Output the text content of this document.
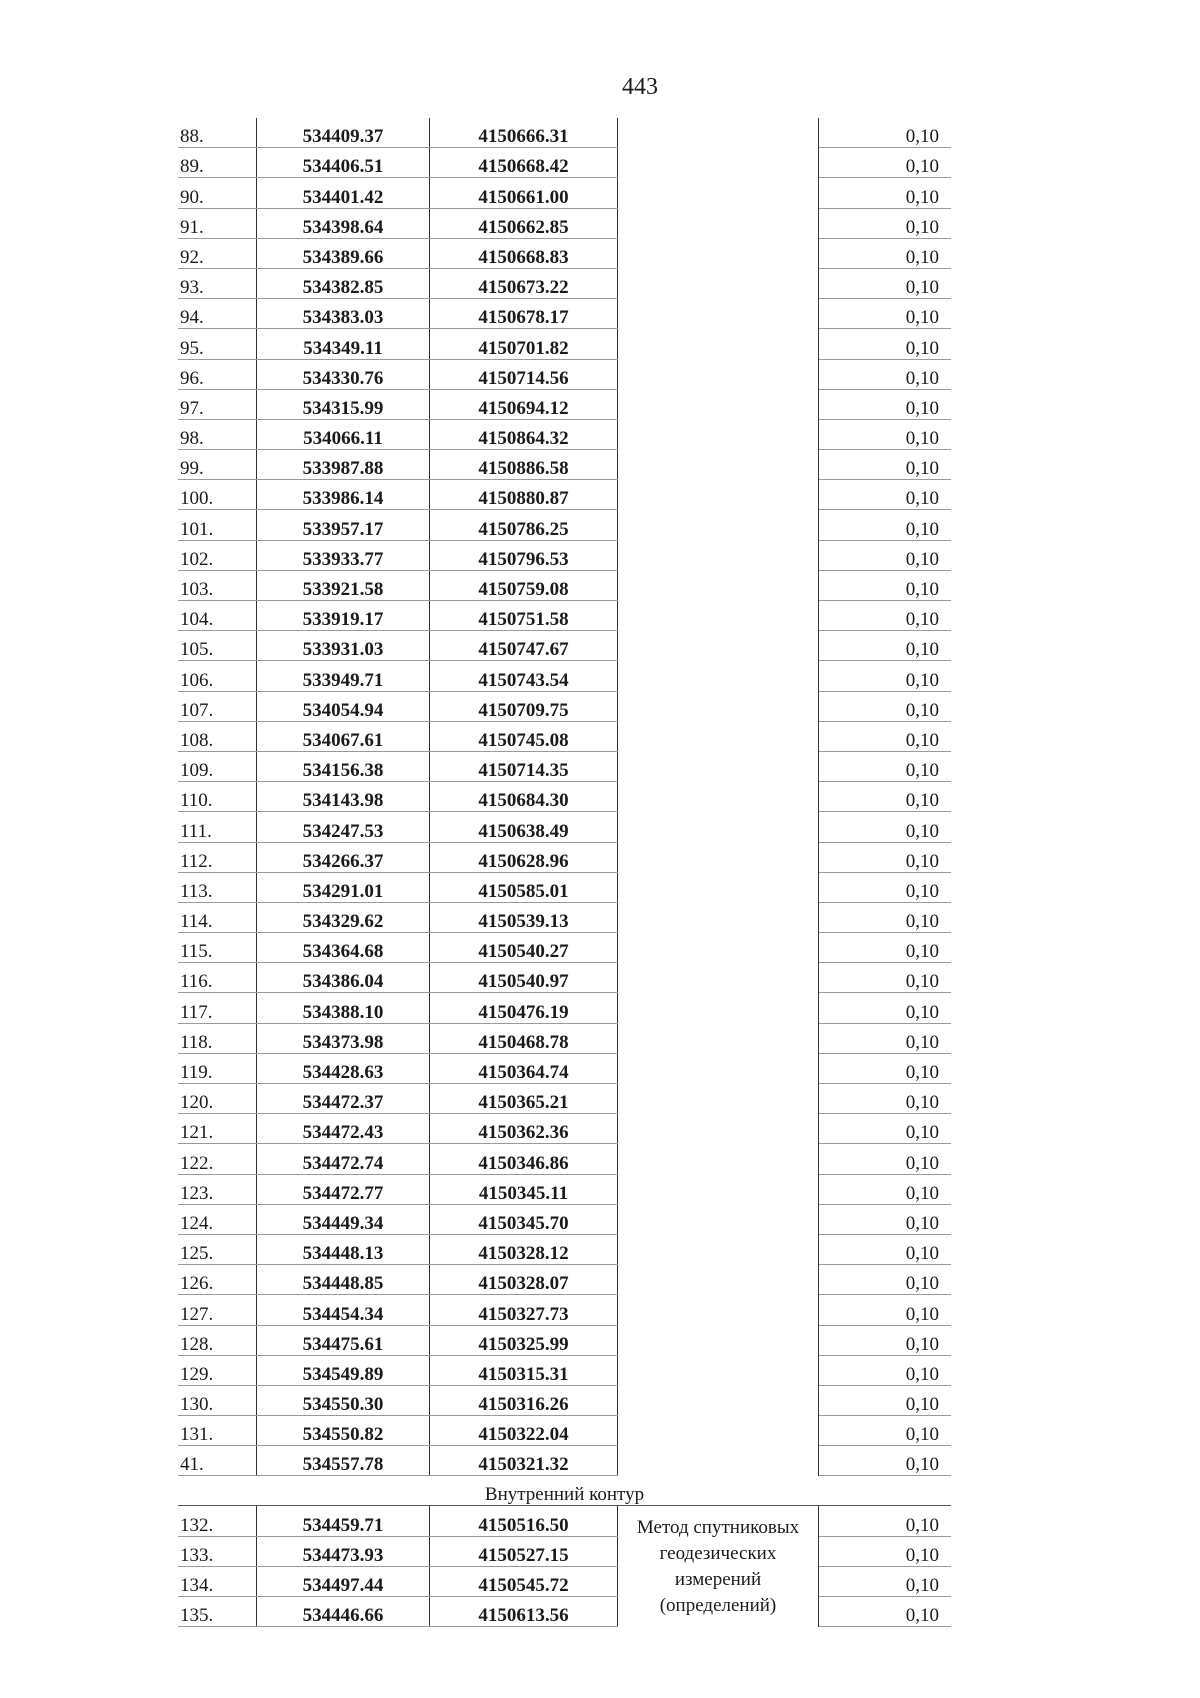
443
88.	534409.37	4150666.31		0,10
89.	534406.51	4150668.42		0,10
90.	534401.42	4150661.00		0,10
91.	534398.64	4150662.85		0,10
92.	534389.66	4150668.83		0,10
93.	534382.85	4150673.22		0,10
94.	534383.03	4150678.17		0,10
95.	534349.11	4150701.82		0,10
96.	534330.76	4150714.56		0,10
97.	534315.99	4150694.12		0,10
98.	534066.11	4150864.32		0,10
99.	533987.88	4150886.58		0,10
100.	533986.14	4150880.87		0,10
101.	533957.17	4150786.25		0,10
102.	533933.77	4150796.53		0,10
103.	533921.58	4150759.08		0,10
104.	533919.17	4150751.58		0,10
105.	533931.03	4150747.67		0,10
106.	533949.71	4150743.54		0,10
107.	534054.94	4150709.75		0,10
108.	534067.61	4150745.08		0,10
109.	534156.38	4150714.35		0,10
110.	534143.98	4150684.30		0,10
111.	534247.53	4150638.49		0,10
112.	534266.37	4150628.96		0,10
113.	534291.01	4150585.01		0,10
114.	534329.62	4150539.13		0,10
115.	534364.68	4150540.27		0,10
116.	534386.04	4150540.97		0,10
117.	534388.10	4150476.19		0,10
118.	534373.98	4150468.78		0,10
119.	534428.63	4150364.74		0,10
120.	534472.37	4150365.21		0,10
121.	534472.43	4150362.36		0,10
122.	534472.74	4150346.86		0,10
123.	534472.77	4150345.11		0,10
124.	534449.34	4150345.70		0,10
125.	534448.13	4150328.12		0,10
126.	534448.85	4150328.07		0,10
127.	534454.34	4150327.73		0,10
128.	534475.61	4150325.99		0,10
129.	534549.89	4150315.31		0,10
130.	534550.30	4150316.26		0,10
131.	534550.82	4150322.04		0,10
41.	534557.78	4150321.32		0,10
Внутренний контур				
132.	534459.71	4150516.50	Метод спутниковых геодезических измерений (определений)	0,10
133.	534473.93	4150527.15		0,10
134.	534497.44	4150545.72		0,10
135.	534446.66	4150613.56		0,10
